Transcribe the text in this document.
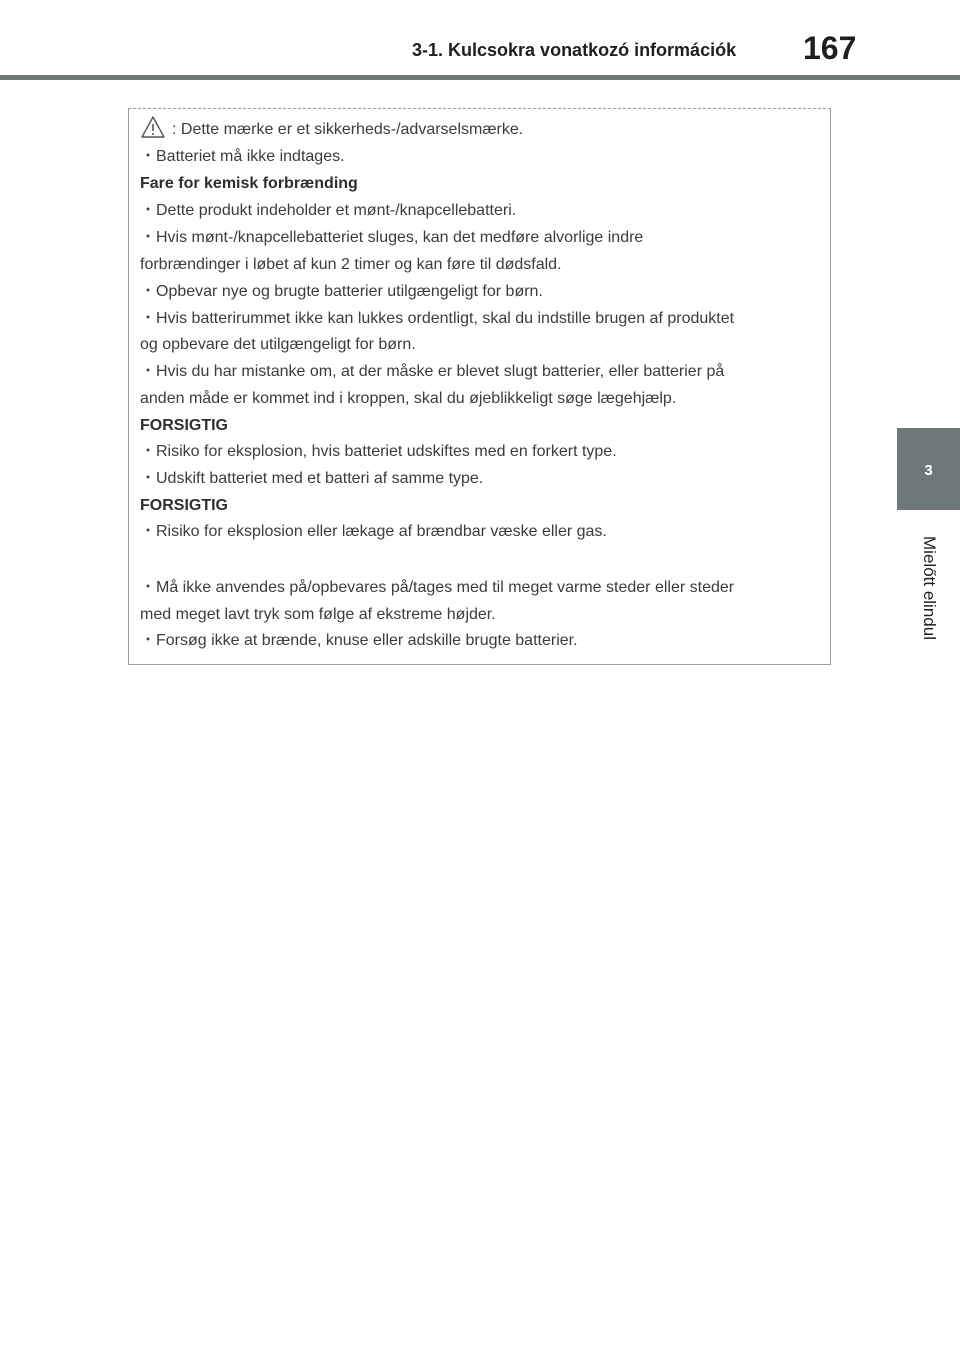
3-1. Kulcsokra vonatkozó információk 167
3
Mielőtt elindul
: Dette mærke er et sikkerheds-/advarselsmærke.
・Batteriet må ikke indtages.
Fare for kemisk forbrænding
・Dette produkt indeholder et mønt-/knapcellebatteri.
・Hvis mønt-/knapcellebatteriet sluges, kan det medføre alvorlige indre
forbrændinger i løbet af kun 2 timer og kan føre til dødsfald.
・Opbevar nye og brugte batterier utilgængeligt for børn.
・Hvis batterirummet ikke kan lukkes ordentligt, skal du indstille brugen af produktet
og opbevare det utilgængeligt for børn.
・Hvis du har mistanke om, at der måske er blevet slugt batterier, eller batterier på
anden måde er kommet ind i kroppen, skal du øjeblikkeligt søge lægehjælp.
FORSIGTIG
・Risiko for eksplosion, hvis batteriet udskiftes med en forkert type.
・Udskift batteriet med et batteri af samme type.
FORSIGTIG
・Risiko for eksplosion eller lækage af brændbar væske eller gas.
・Må ikke anvendes på/opbevares på/tages med til meget varme steder eller steder
med meget lavt tryk som følge af ekstreme højder.
・Forsøg ikke at brænde, knuse eller adskille brugte batterier.
